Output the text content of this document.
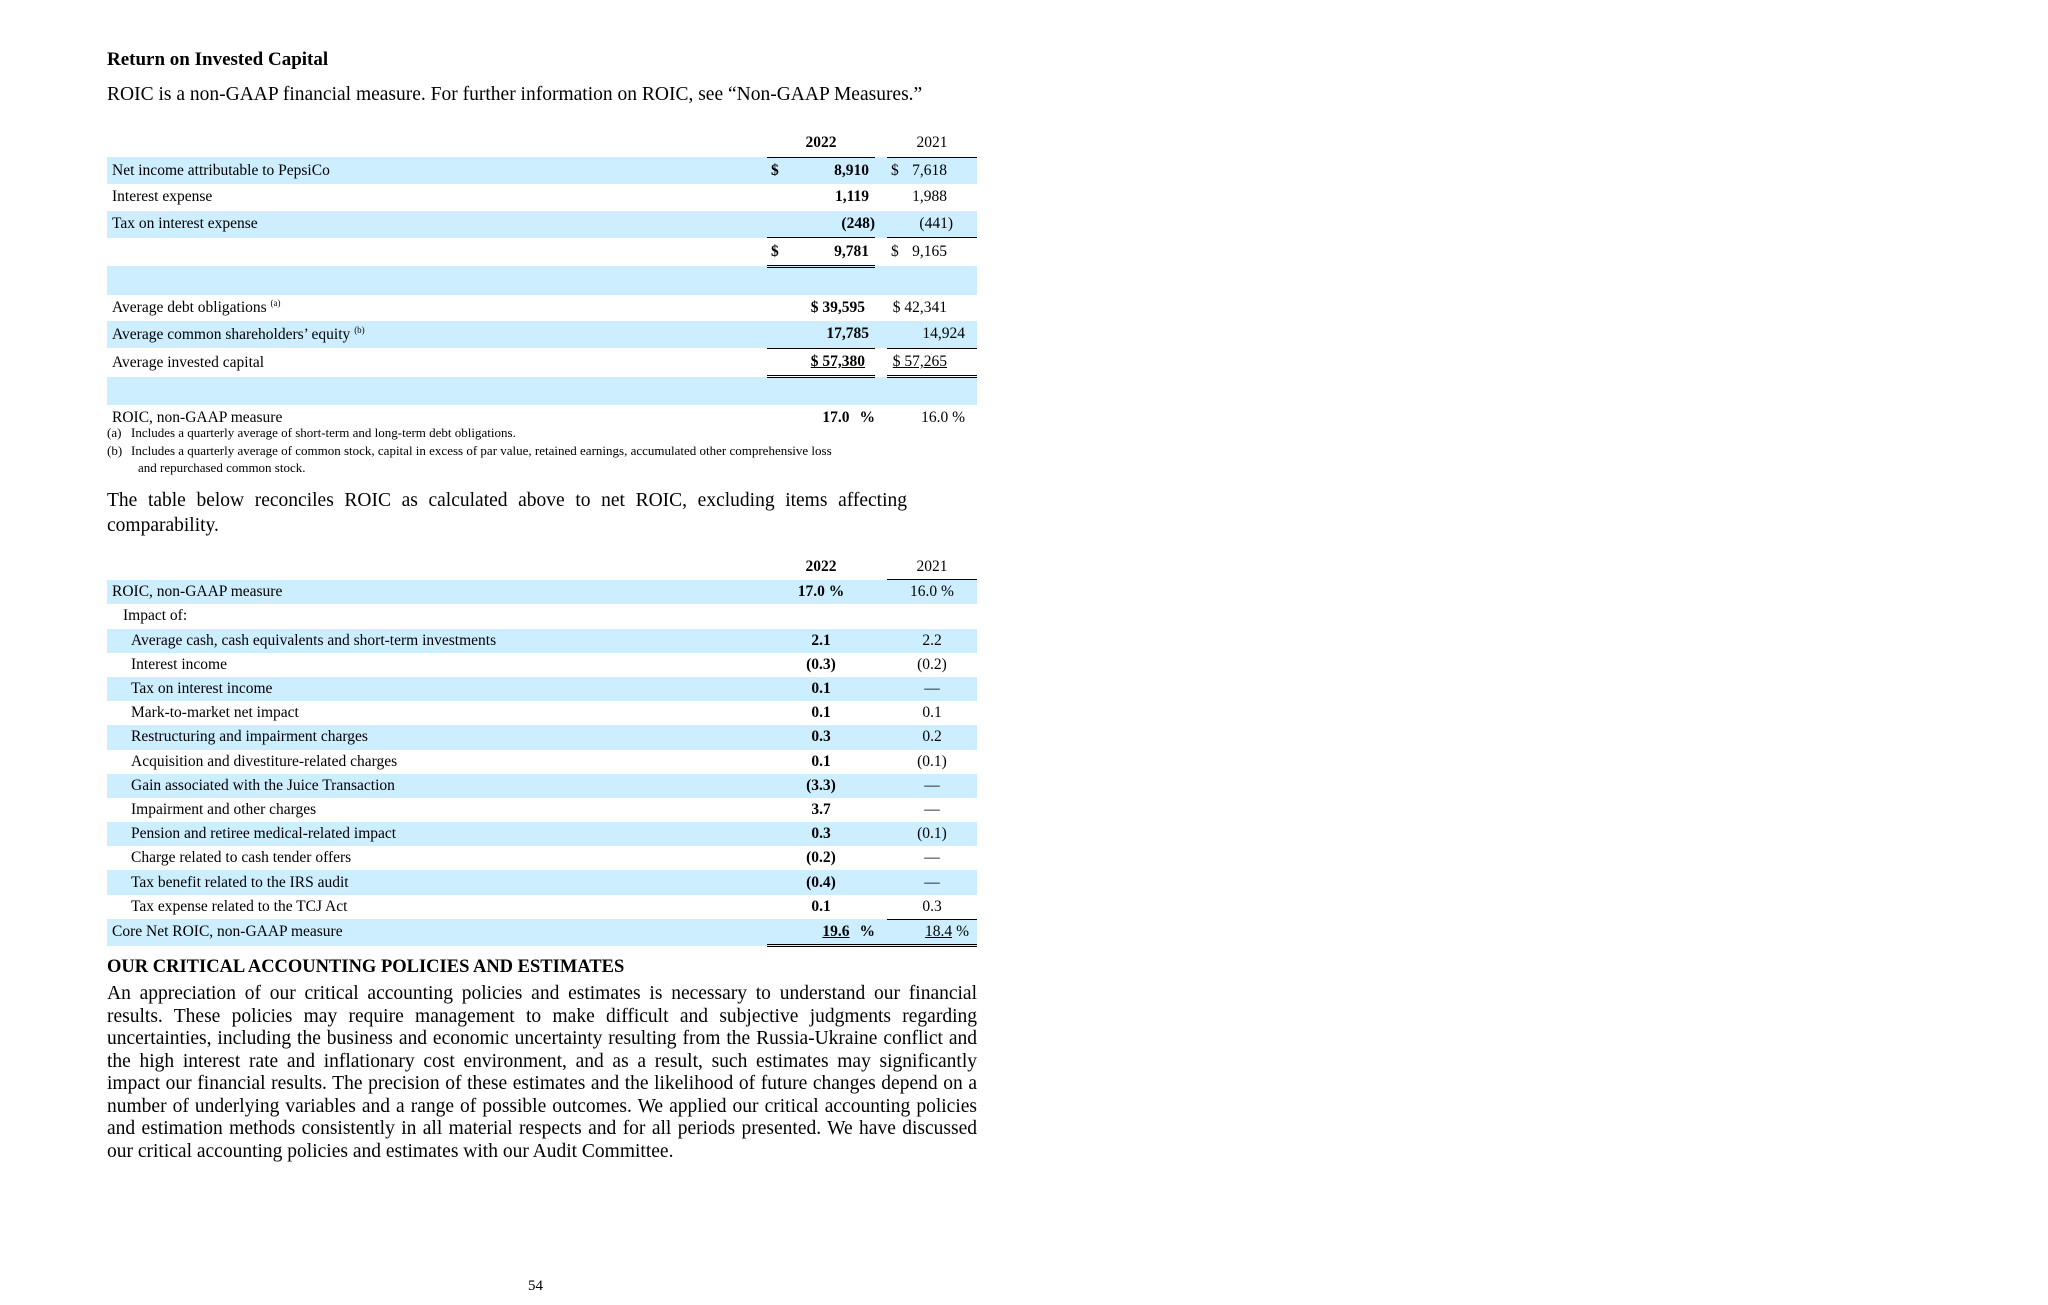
Return on Invested Capital
ROIC is a non-GAAP financial measure. For further information on ROIC, see “Non-GAAP Measures.”
	2022		2021
Net income attributable to PepsiCo	$ 8,910		$ 7,618
Interest expense	1,119		1,988
Tax on interest expense	(248)		(441)

	$ 9,781		$ 9,165

Average debt obligations $^{(a)}$	$ 39,595		$ 42,341
Average common shareholders’ equity $^{(b)}$	17,785		14,924
Average invested capital	$ 57,380		$ 57,265

ROIC, non-GAAP measure	17.0 %		16.0 %
(a) Includes a quarterly average of short-term and long-term debt obligations.
(b) Includes a quarterly average of common stock, capital in excess of par value, retained earnings, accumulated other comprehensive loss
and repurchased common stock.
The table below reconciles ROIC as calculated above to net ROIC, excluding items affecting comparability.
	2022		2021
ROIC, non-GAAP measure	17.0 %		16.0 %
Impact of:			
Average cash, cash equivalents and short-term investments	2.1		2.2
Interest income	(0.3)		(0.2)
Tax on interest income	0.1		—
Mark-to-market net impact	0.1		0.1
Restructuring and impairment charges	0.3		0.2
Acquisition and divestiture-related charges	0.1		(0.1)
Gain associated with the Juice Transaction	(3.3)		—
Impairment and other charges	3.7		—
Pension and retiree medical-related impact	0.3		(0.1)
Charge related to cash tender offers	(0.2)		—
Tax benefit related to the IRS audit	(0.4)		—
Tax expense related to the TCJ Act	0.1		0.3
Core Net ROIC, non-GAAP measure	19.6 %		18.4 %
OUR CRITICAL ACCOUNTING POLICIES AND ESTIMATES
An appreciation of our critical accounting policies and estimates is necessary to understand our financial results. These policies may require management to make difficult and subjective judgments regarding uncertainties, including the business and economic uncertainty resulting from the Russia-Ukraine conflict and the high interest rate and inflationary cost environment, and as a result, such estimates may significantly impact our financial results. The precision of these estimates and the likelihood of future changes depend on a number of underlying variables and a range of possible outcomes. We applied our critical accounting policies and estimation methods consistently in all material respects and for all periods presented. We have discussed our critical accounting policies and estimates with our Audit Committee.
54
